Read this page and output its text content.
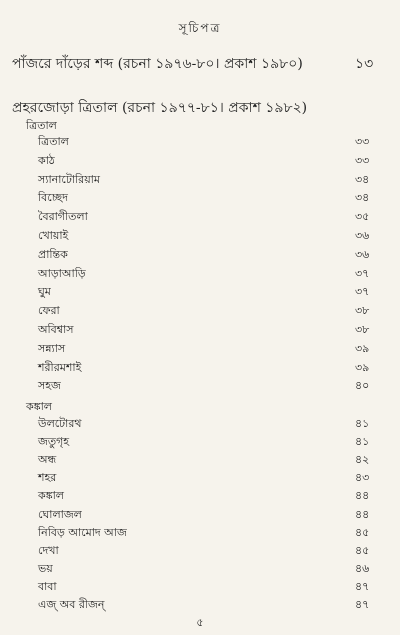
সূচিপত্র
পাঁজরে দাঁড়ের শব্দ (রচনা ১৯৭৬-৮০। প্রকাশ ১৯৮০)	১৩
প্রহরজোড়া ত্রিতাল (রচনা ১৯৭৭-৮১। প্রকাশ ১৯৮২)
ত্রিতাল
ত্রিতাল	৩৩
কাঠ	৩৩
স্যানাটোরিয়াম	৩৪
বিচ্ছেদ	৩৪
বৈরাগীতলা	৩৫
খোয়াই	৩৬
প্রান্তিক	৩৬
আড়াআড়ি	৩৭
ঘুম	৩৭
ফেরা	৩৮
অবিশ্বাস	৩৮
সন্ন্যাস	৩৯
শরীরমশাই	৩৯
সহজ	৪০
কঙ্কাল
উলটোরথ	৪১
জতুগৃহ	৪১
অন্ধ	৪২
শহর	৪৩
কঙ্কাল	৪৪
ঘোলাজল	৪৪
নিবিড় আমোদ আজ	৪৫
দেখা	৪৫
ভয়	৪৬
বাবা	৪৭
এজ্ অব রীজন্	৪৭
৫
